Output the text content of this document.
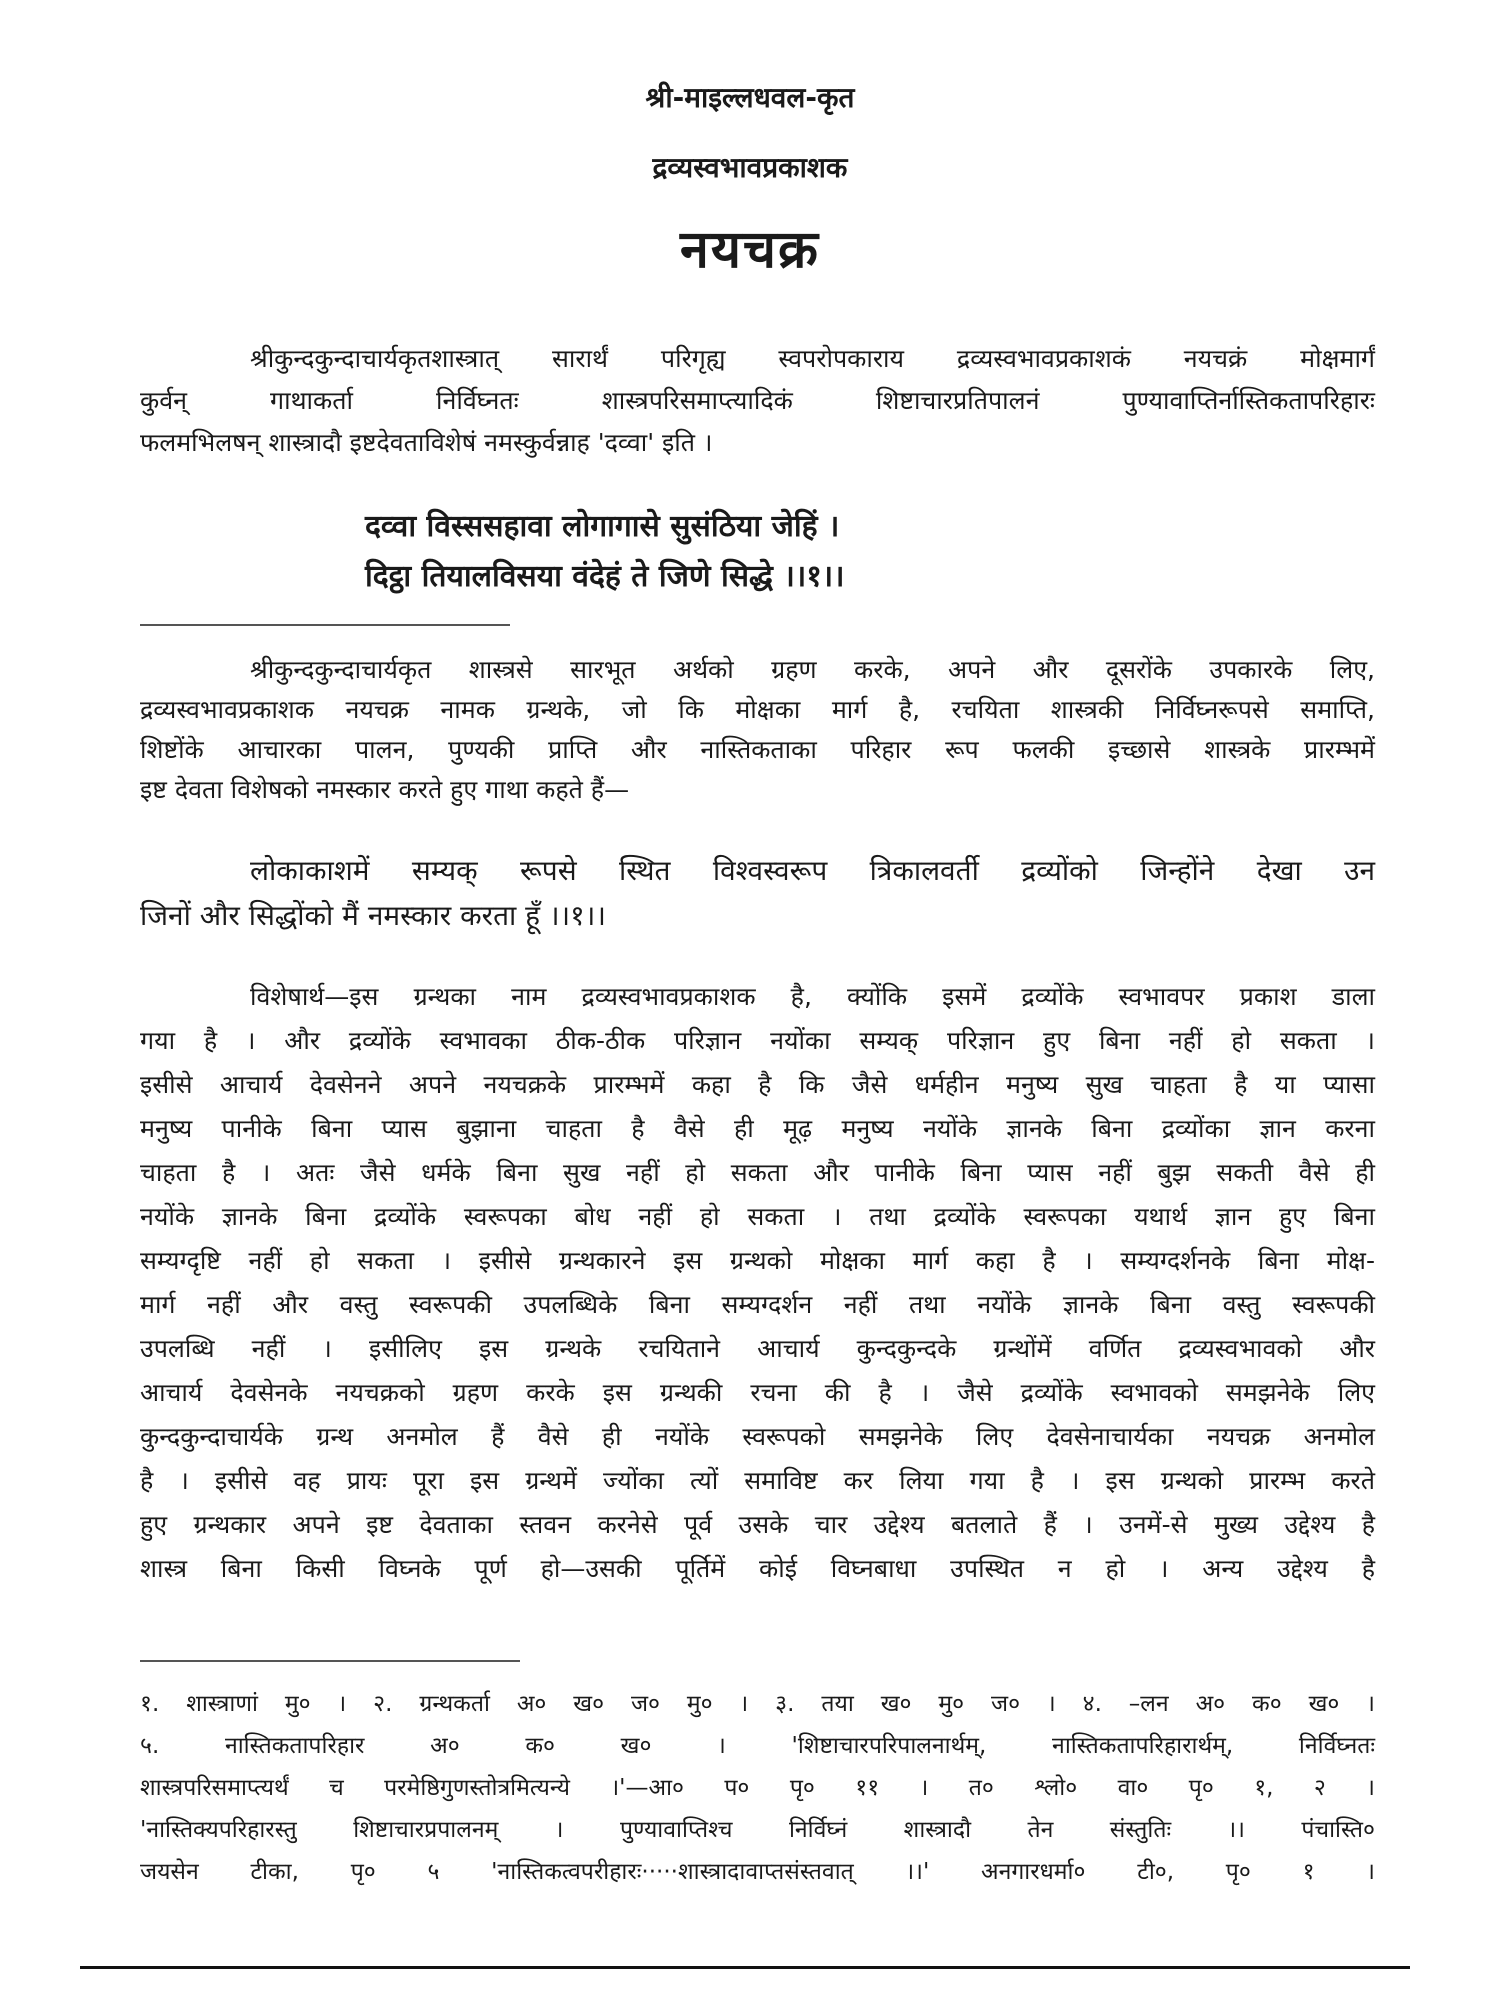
श्री-माइल्लधवल-कृत
द्रव्यस्वभावप्रकाशक
नयचक्र
श्रीकुन्दकुन्दाचार्यकृतशास्त्रात् सारार्थं परिगृह्य स्वपरोपकाराय द्रव्यस्वभावप्रकाशकं नयचक्रं मोक्षमार्गं
कुर्वन् गाथाकर्ता निर्विघ्नतः शास्त्रपरिसमाप्त्यादिकं शिष्टाचारप्रतिपालनं पुण्यावाप्तिर्नास्तिकतापरिहारः
फलमभिलषन् शास्त्रादौ इष्टदेवताविशेषं नमस्कुर्वन्नाह 'दव्वा' इति ।
दव्वा विस्ससहावा लोगागासे सुसंठिया जेहिं ।
दिट्ठा तियालविसया वंदेहं ते जिणे सिद्धे ।।१।।
श्रीकुन्दकुन्दाचार्यकृत शास्त्रसे सारभूत अर्थको ग्रहण करके, अपने और दूसरोंके उपकारके लिए,
द्रव्यस्वभावप्रकाशक नयचक्र नामक ग्रन्थके, जो कि मोक्षका मार्ग है, रचयिता शास्त्रकी निर्विघ्नरूपसे समाप्ति,
शिष्टोंके आचारका पालन, पुण्यकी प्राप्ति और नास्तिकताका परिहार रूप फलकी इच्छासे शास्त्रके प्रारम्भमें
इष्ट देवता विशेषको नमस्कार करते हुए गाथा कहते हैं—
लोकाकाशमें सम्यक् रूपसे स्थित विश्वस्वरूप त्रिकालवर्ती द्रव्योंको जिन्होंने देखा उन
जिनों और सिद्धोंको मैं नमस्कार करता हूँ ।।१।।
विशेषार्थ—इस ग्रन्थका नाम द्रव्यस्वभावप्रकाशक है, क्योंकि इसमें द्रव्योंके स्वभावपर प्रकाश डाला
गया है । और द्रव्योंके स्वभावका ठीक-ठीक परिज्ञान नयोंका सम्यक् परिज्ञान हुए बिना नहीं हो सकता ।
इसीसे आचार्य देवसेनने अपने नयचक्रके प्रारम्भमें कहा है कि जैसे धर्महीन मनुष्य सुख चाहता है या प्यासा
मनुष्य पानीके बिना प्यास बुझाना चाहता है वैसे ही मूढ़ मनुष्य नयोंके ज्ञानके बिना द्रव्योंका ज्ञान करना
चाहता है । अतः जैसे धर्मके बिना सुख नहीं हो सकता और पानीके बिना प्यास नहीं बुझ सकती वैसे ही
नयोंके ज्ञानके बिना द्रव्योंके स्वरूपका बोध नहीं हो सकता । तथा द्रव्योंके स्वरूपका यथार्थ ज्ञान हुए बिना
सम्यग्दृष्टि नहीं हो सकता । इसीसे ग्रन्थकारने इस ग्रन्थको मोक्षका मार्ग कहा है । सम्यग्दर्शनके बिना मोक्ष-
मार्ग नहीं और वस्तु स्वरूपकी उपलब्धिके बिना सम्यग्दर्शन नहीं तथा नयोंके ज्ञानके बिना वस्तु स्वरूपकी
उपलब्धि नहीं । इसीलिए इस ग्रन्थके रचयिताने आचार्य कुन्दकुन्दके ग्रन्थोंमें वर्णित द्रव्यस्वभावको और
आचार्य देवसेनके नयचक्रको ग्रहण करके इस ग्रन्थकी रचना की है । जैसे द्रव्योंके स्वभावको समझनेके लिए
कुन्दकुन्दाचार्यके ग्रन्थ अनमोल हैं वैसे ही नयोंके स्वरूपको समझनेके लिए देवसेनाचार्यका नयचक्र अनमोल
है । इसीसे वह प्रायः पूरा इस ग्रन्थमें ज्योंका त्यों समाविष्ट कर लिया गया है । इस ग्रन्थको प्रारम्भ करते
हुए ग्रन्थकार अपने इष्ट देवताका स्तवन करनेसे पूर्व उसके चार उद्देश्य बतलाते हैं । उनमें-से मुख्य उद्देश्य है
शास्त्र बिना किसी विघ्नके पूर्ण हो—उसकी पूर्तिमें कोई विघ्नबाधा उपस्थित न हो । अन्य उद्देश्य है
१. शास्त्राणां मु० । २. ग्रन्थकर्ता अ० ख० ज० मु० । ३. तया ख० मु० ज० । ४. –लन अ० क० ख० ।
५. नास्तिकतापरिहार अ० क० ख० । 'शिष्टाचारपरिपालनार्थम्, नास्तिकतापरिहारार्थम्, निर्विघ्नतः
शास्त्रपरिसमाप्त्यर्थं च परमेष्ठिगुणस्तोत्रमित्यन्ये ।'—आ० प० पृ० ११ । त० श्लो० वा० पृ० १, २ ।
'नास्तिक्यपरिहारस्तु शिष्टाचारप्रपालनम् । पुण्यावाप्तिश्च निर्विघ्नं शास्त्रादौ तेन संस्तुतिः ।। पंचास्ति०
जयसेन टीका, पृ० ५ 'नास्तिकत्वपरीहारः·····शास्त्रादावाप्तसंस्तवात् ।।' अनगारधर्मा० टी०, पृ० १ ।
